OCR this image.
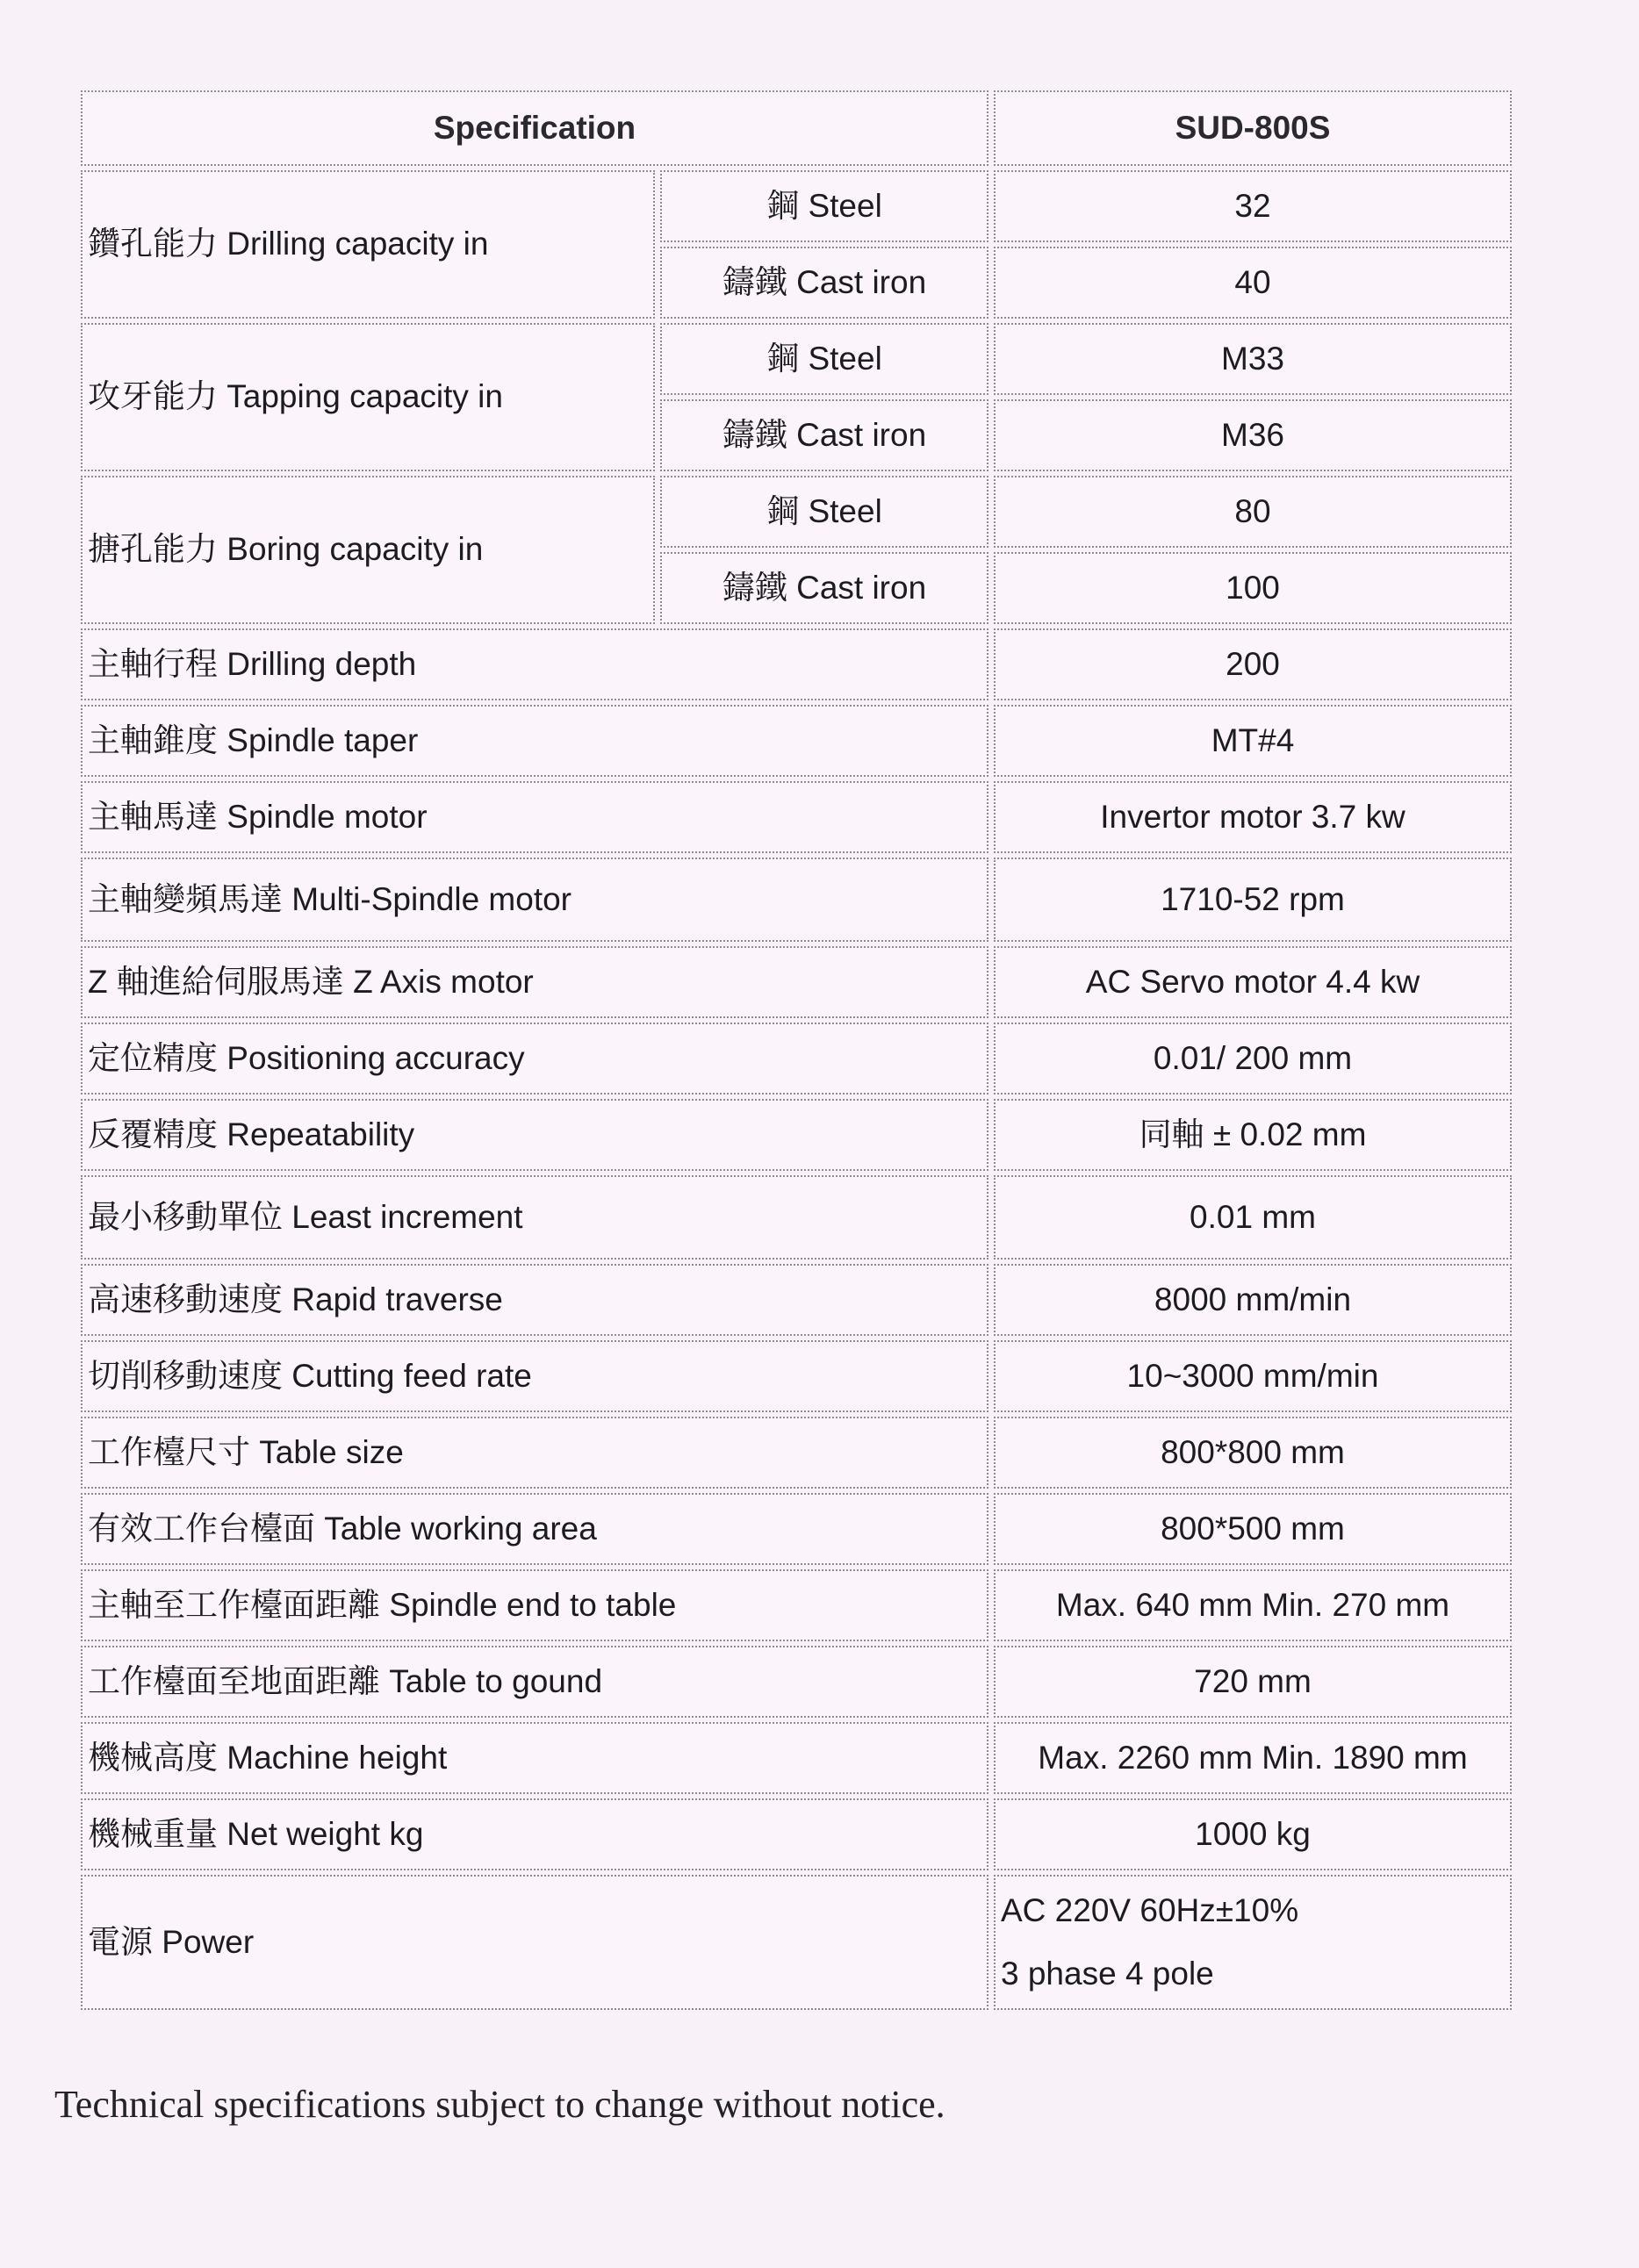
Specification		SUD-800S
鑽孔能力 Drilling capacity in	鋼 Steel	32
	鑄鐵 Cast iron	40
攻牙能力 Tapping capacity in	鋼 Steel	M33
	鑄鐵 Cast iron	M36
搪孔能力 Boring capacity in	鋼 Steel	80
	鑄鐵 Cast iron	100
主軸行程 Drilling depth		200
主軸錐度 Spindle taper		MT#4
主軸馬達 Spindle motor		Invertor motor 3.7 kw
主軸變頻馬達 Multi-Spindle motor		1710-52 rpm
Z 軸進給伺服馬達 Z Axis motor		AC Servo motor 4.4 kw
定位精度 Positioning accuracy		0.01/ 200 mm
反覆精度 Repeatability		同軸 ± 0.02 mm
最小移動單位 Least increment		0.01 mm
高速移動速度 Rapid traverse		8000 mm/min
切削移動速度 Cutting feed rate		10~3000 mm/min
工作檯尺寸 Table size		800*800 mm
有效工作台檯面 Table working area		800*500 mm
主軸至工作檯面距離 Spindle end to table		Max. 640 mm Min. 270 mm
工作檯面至地面距離 Table to gound		720 mm
機械高度 Machine height		Max. 2260 mm Min. 1890 mm
機械重量 Net weight kg		1000 kg
電源 Power		AC 220V 60Hz±10%
3 phase 4 pole
Technical specifications subject to change without notice.
